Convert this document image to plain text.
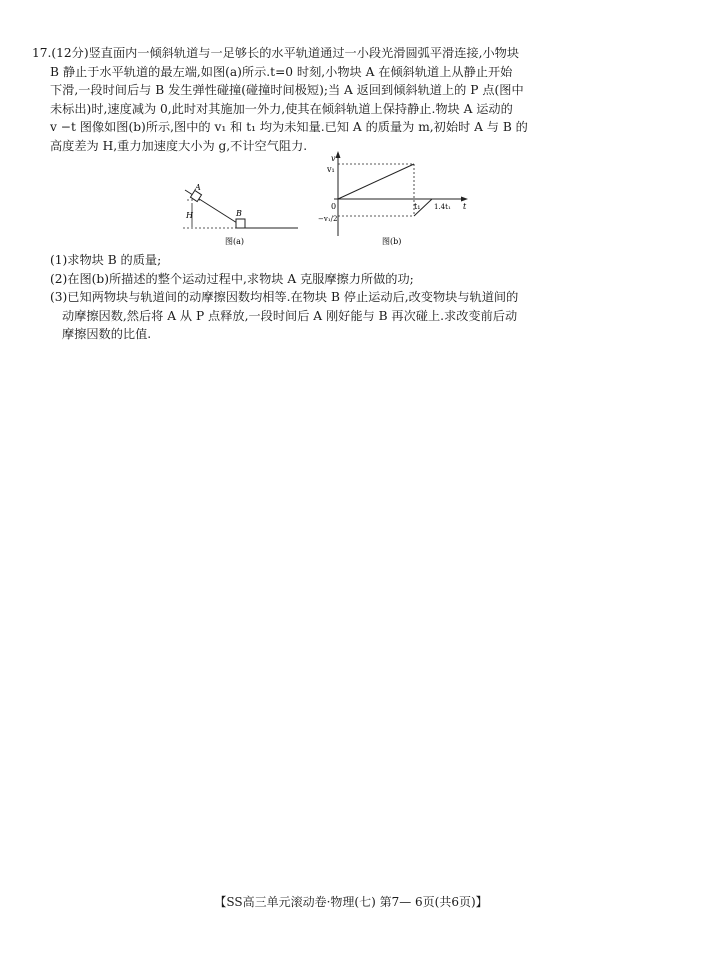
17.(12分)竖直面内一倾斜轨道与一足够长的水平轨道通过一小段光滑圆弧平滑连接,小物块

B 静止于水平轨道的最左端,如图(a)所示.t=0 时刻,小物块 A 在倾斜轨道上从静止开始

下滑,一段时间后与 B 发生弹性碰撞(碰撞时间极短);当 A 返回到倾斜轨道上的 P 点(图中

未标出)时,速度减为 0,此时对其施加一外力,使其在倾斜轨道上保持静止.物块 A 运动的

v −t 图像如图(b)所示,图中的 v₁ 和 t₁ 均为未知量.已知 A 的质量为 m,初始时 A 与 B 的

高度差为 H,重力加速度大小为 g,不计空气阻力.

(1)求物块 B 的质量;

(2)在图(b)所描述的整个运动过程中,求物块 A 克服摩擦力所做的功;

(3)已知两物块与轨道间的动摩擦因数均相等.在物块 B 停止运动后,改变物块与轨道间的

动摩擦因数,然后将 A 从 P 点释放,一段时间后 A 刚好能与 B 再次碰上.求改变前后动

摩擦因数的比值.

A
B
H
图(a)
v
t
0
v₁
−v₁/2
t₁ 1.4t₁
图(b)
【SS高三单元滚动卷·物理(七) 第7— 6页(共6页)】
